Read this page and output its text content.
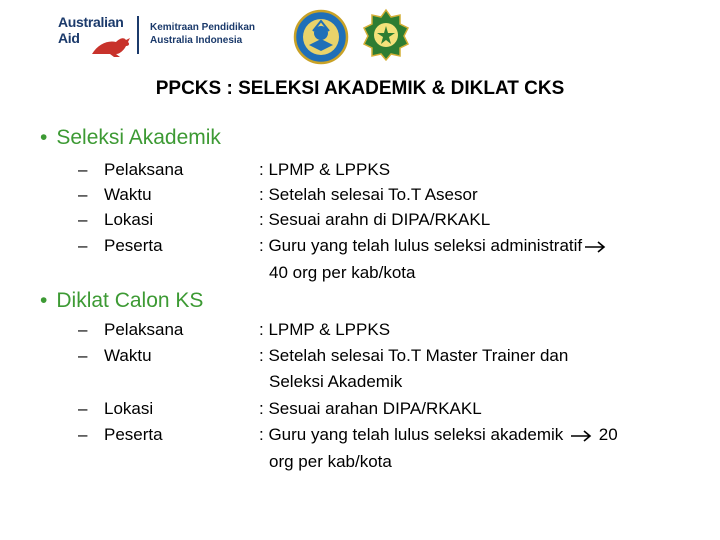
Australian
Aid
Kemitraan Pendidikan
Australia Indonesia
PPCKS : SELEKSI AKADEMIK & DIKLAT CKS
• Seleksi Akademik
– Pelaksana	: LPMP & LPPKS
– Waktu	: Setelah selesai To.T Asesor
– Lokasi	: Sesuai arahn di DIPA/RKAKL
– Peserta	: Guru yang telah lulus seleksi administratif
40 org per kab/kota
• Diklat Calon KS
– Pelaksana	: LPMP & LPPKS
– Waktu	: Setelah selesai To.T Master Trainer dan
Seleksi Akademik
– Lokasi	: Sesuai arahan DIPA/RKAKL
– Peserta	: Guru yang telah lulus seleksi akademik 20
org per kab/kota
